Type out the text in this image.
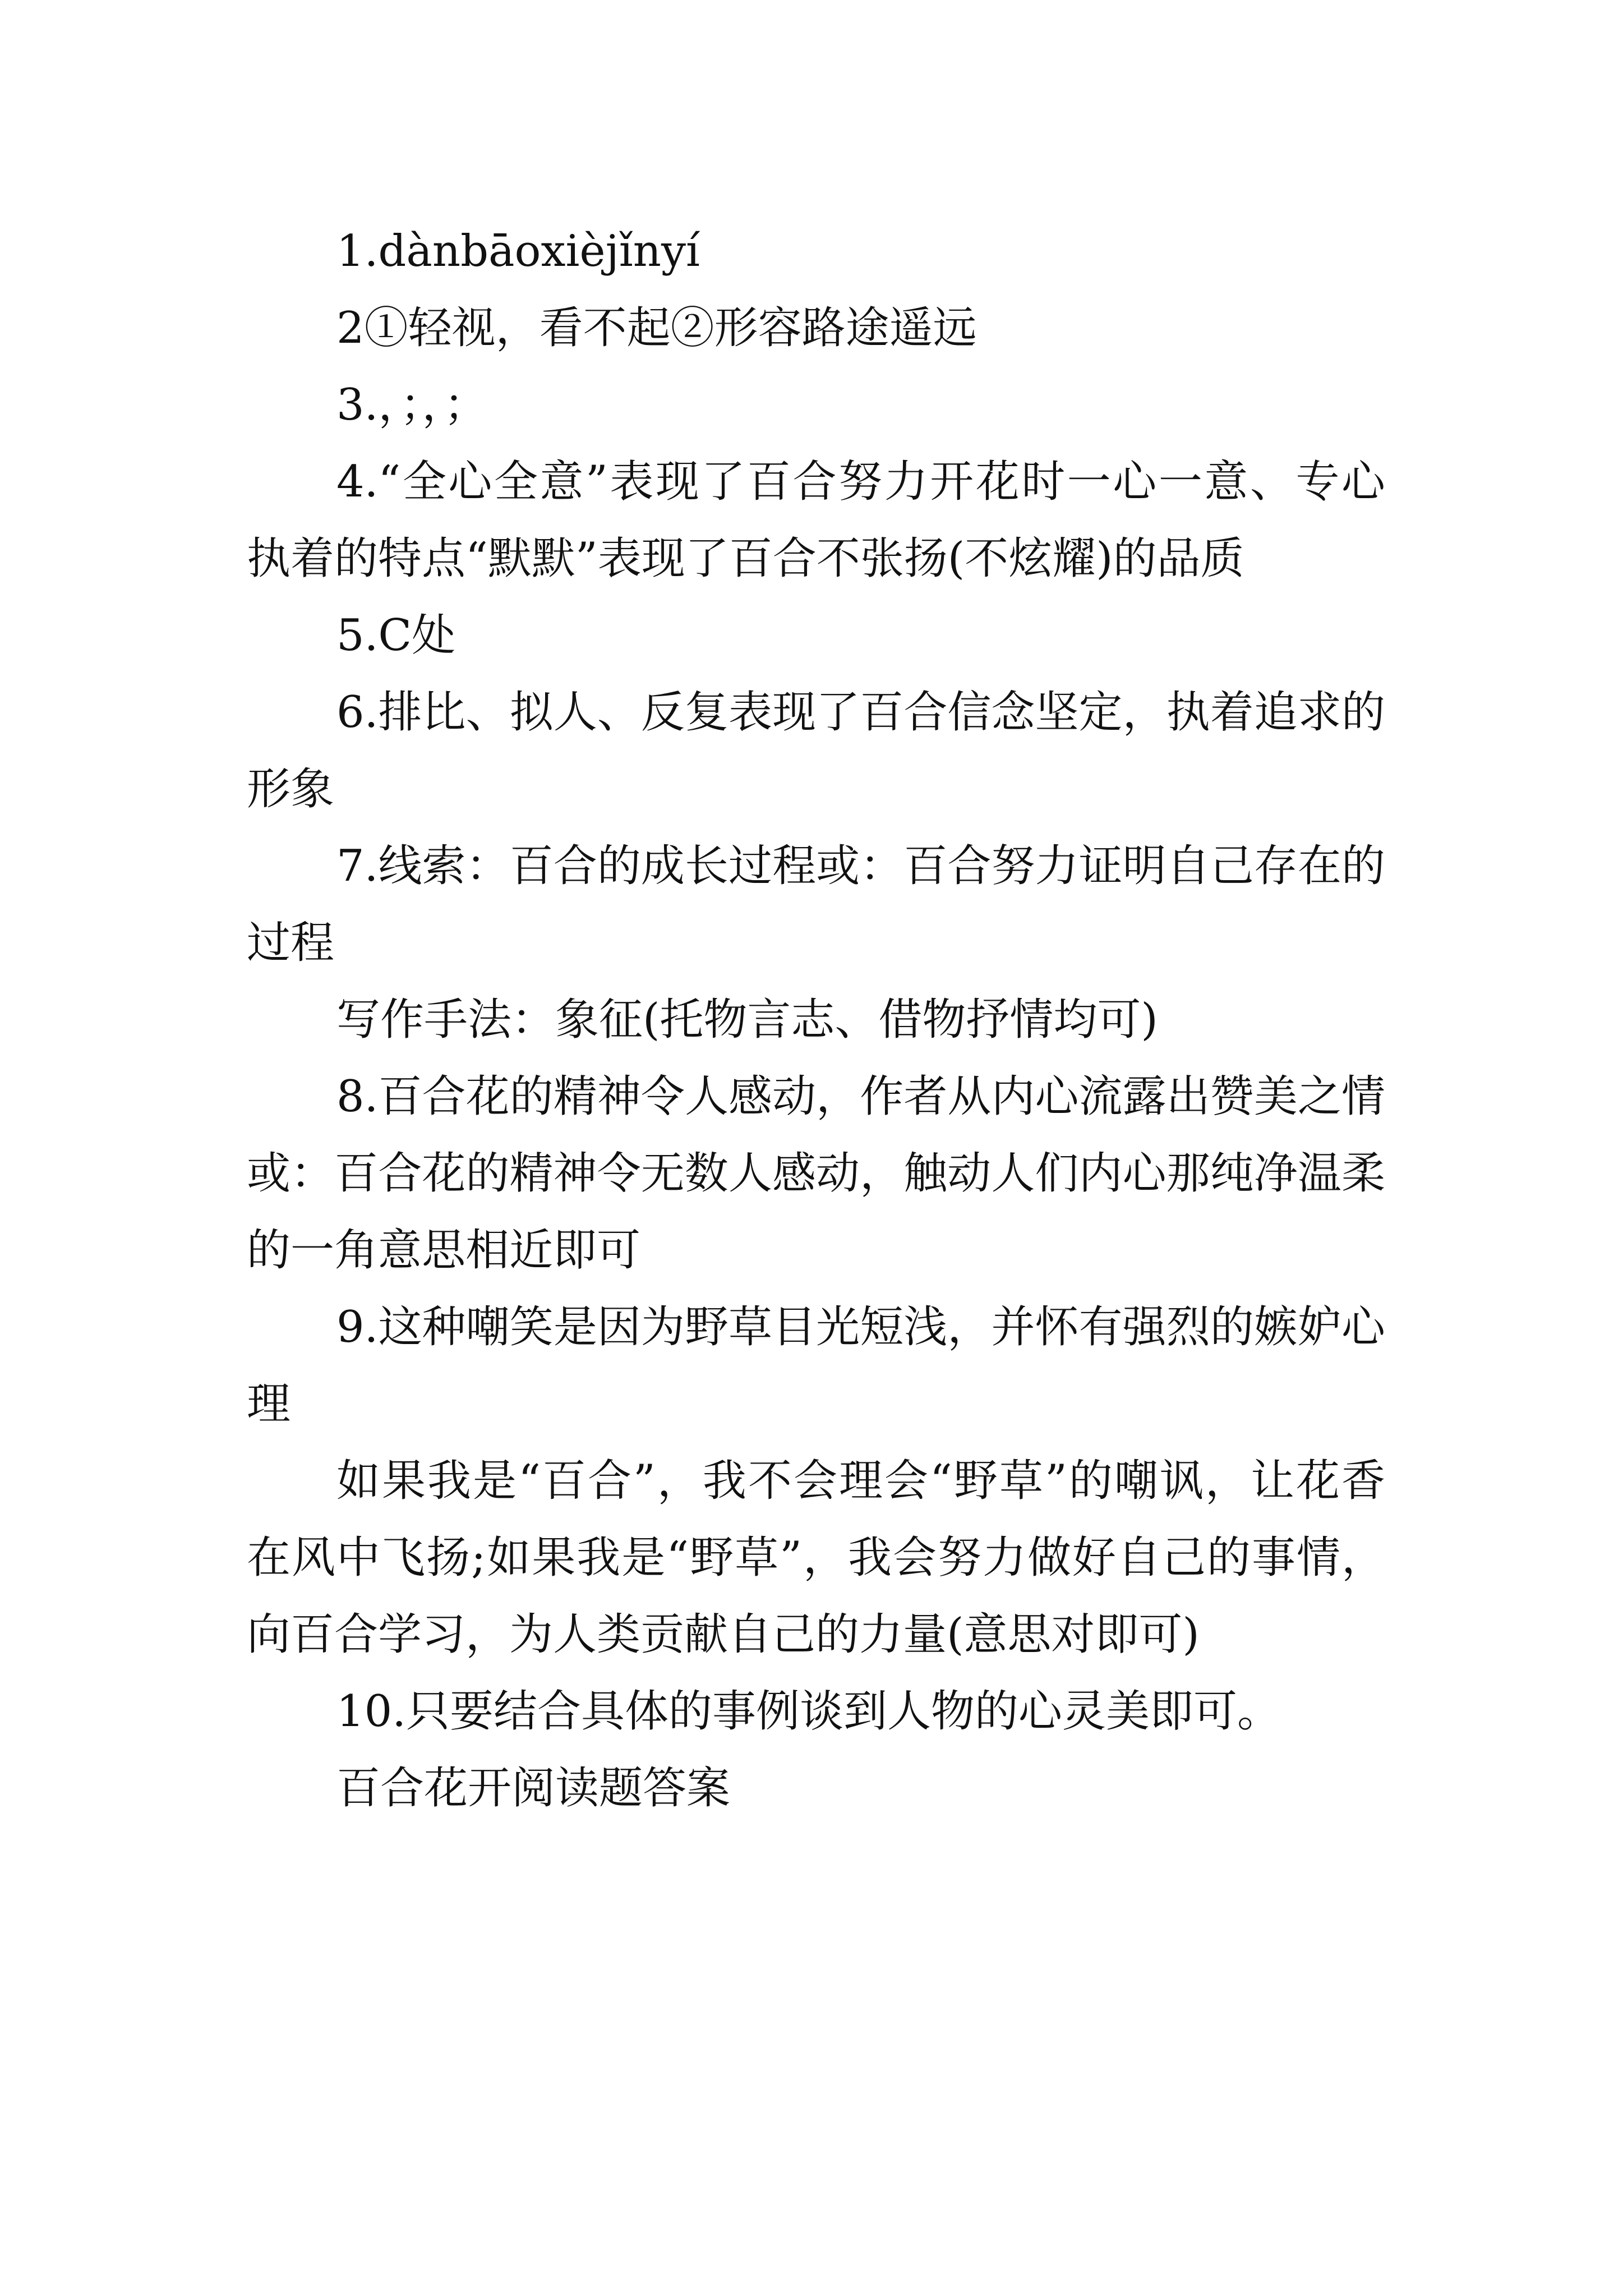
1.dànbāoxièjǐnyí

2①轻视，看不起②形容路途遥远

3.，；，；

4.“全心全意”表现了百合努力开花时一心一意、专心执着的特点“默默”表现了百合不张扬(不炫耀)的品质

5.C处

6.排比、拟人、反复表现了百合信念坚定，执着追求的形象

7.线索：百合的成长过程或：百合努力证明自己存在的过程

写作手法：象征(托物言志、借物抒情均可)

8.百合花的精神令人感动，作者从内心流露出赞美之情或：百合花的精神令无数人感动，触动人们内心那纯净温柔的一角意思相近即可

9.这种嘲笑是因为野草目光短浅，并怀有强烈的嫉妒心理

如果我是“百合”，我不会理会“野草”的嘲讽，让花香在风中飞扬;如果我是“野草”，我会努力做好自己的事情，向百合学习，为人类贡献自己的力量(意思对即可)

10.只要结合具体的事例谈到人物的心灵美即可。

百合花开阅读题答案
